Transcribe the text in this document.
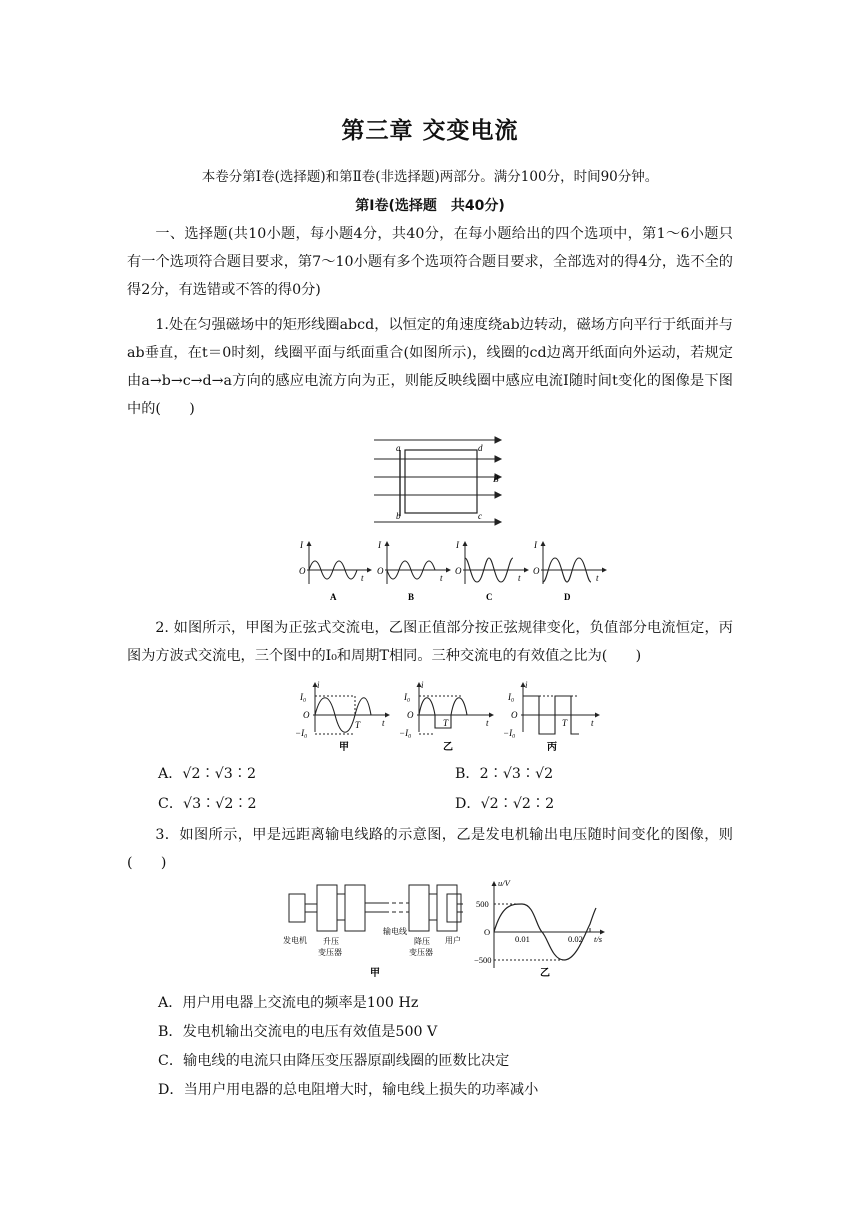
第三章 交变电流
本卷分第Ⅰ卷(选择题)和第Ⅱ卷(非选择题)两部分。满分100分，时间90分钟。
第Ⅰ卷(选择题　共40分)
一、选择题(共10小题，每小题4分，共40分，在每小题给出的四个选项中，第1～6小题只有一个选项符合题目要求，第7～10小题有多个选项符合题目要求，全部选对的得4分，选不全的得2分，有选错或不答的得0分)
1.处在匀强磁场中的矩形线圈abcd，以恒定的角速度绕ab边转动，磁场方向平行于纸面并与ab垂直，在t＝0时刻，线圈平面与纸面重合(如图所示)，线圈的cd边离开纸面向外运动，若规定由a→b→c→d→a方向的感应电流方向为正，则能反映线圈中感应电流I随时间t变化的图像是下图中的(　　)
a
b	c
d
B
I
O
t
I
O
t
I
O
t
I
O
t
A	B	C	D
2. 如图所示，甲图为正弦式交流电，乙图正值部分按正弦规律变化，负值部分电流恒定，丙图为方波式交流电，三个图中的I₀和周期T相同。三种交流电的有效值之比为(　　)
i
I₀
O
−I₀
T t
i
I₀
O
−I₀
T	t
i
I₀
O
−I₀
T	t
甲	乙	丙
A．√2∶√3∶2	B．2∶√3∶√2
C．√3∶√2∶2	D．√2∶√2∶2
3．如图所示，甲是远距离输电线路的示意图，乙是发电机输出电压随时间变化的图像，则(　　)
发电机 升压
变压器
输电线
降压
变压器
用户
甲
u/V
500
O
−500
0.01	0.02 t/s
乙
A．用户用电器上交流电的频率是100 Hz
B．发电机输出交流电的电压有效值是500 V
C．输电线的电流只由降压变压器原副线圈的匝数比决定
D．当用户用电器的总电阻增大时，输电线上损失的功率减小
